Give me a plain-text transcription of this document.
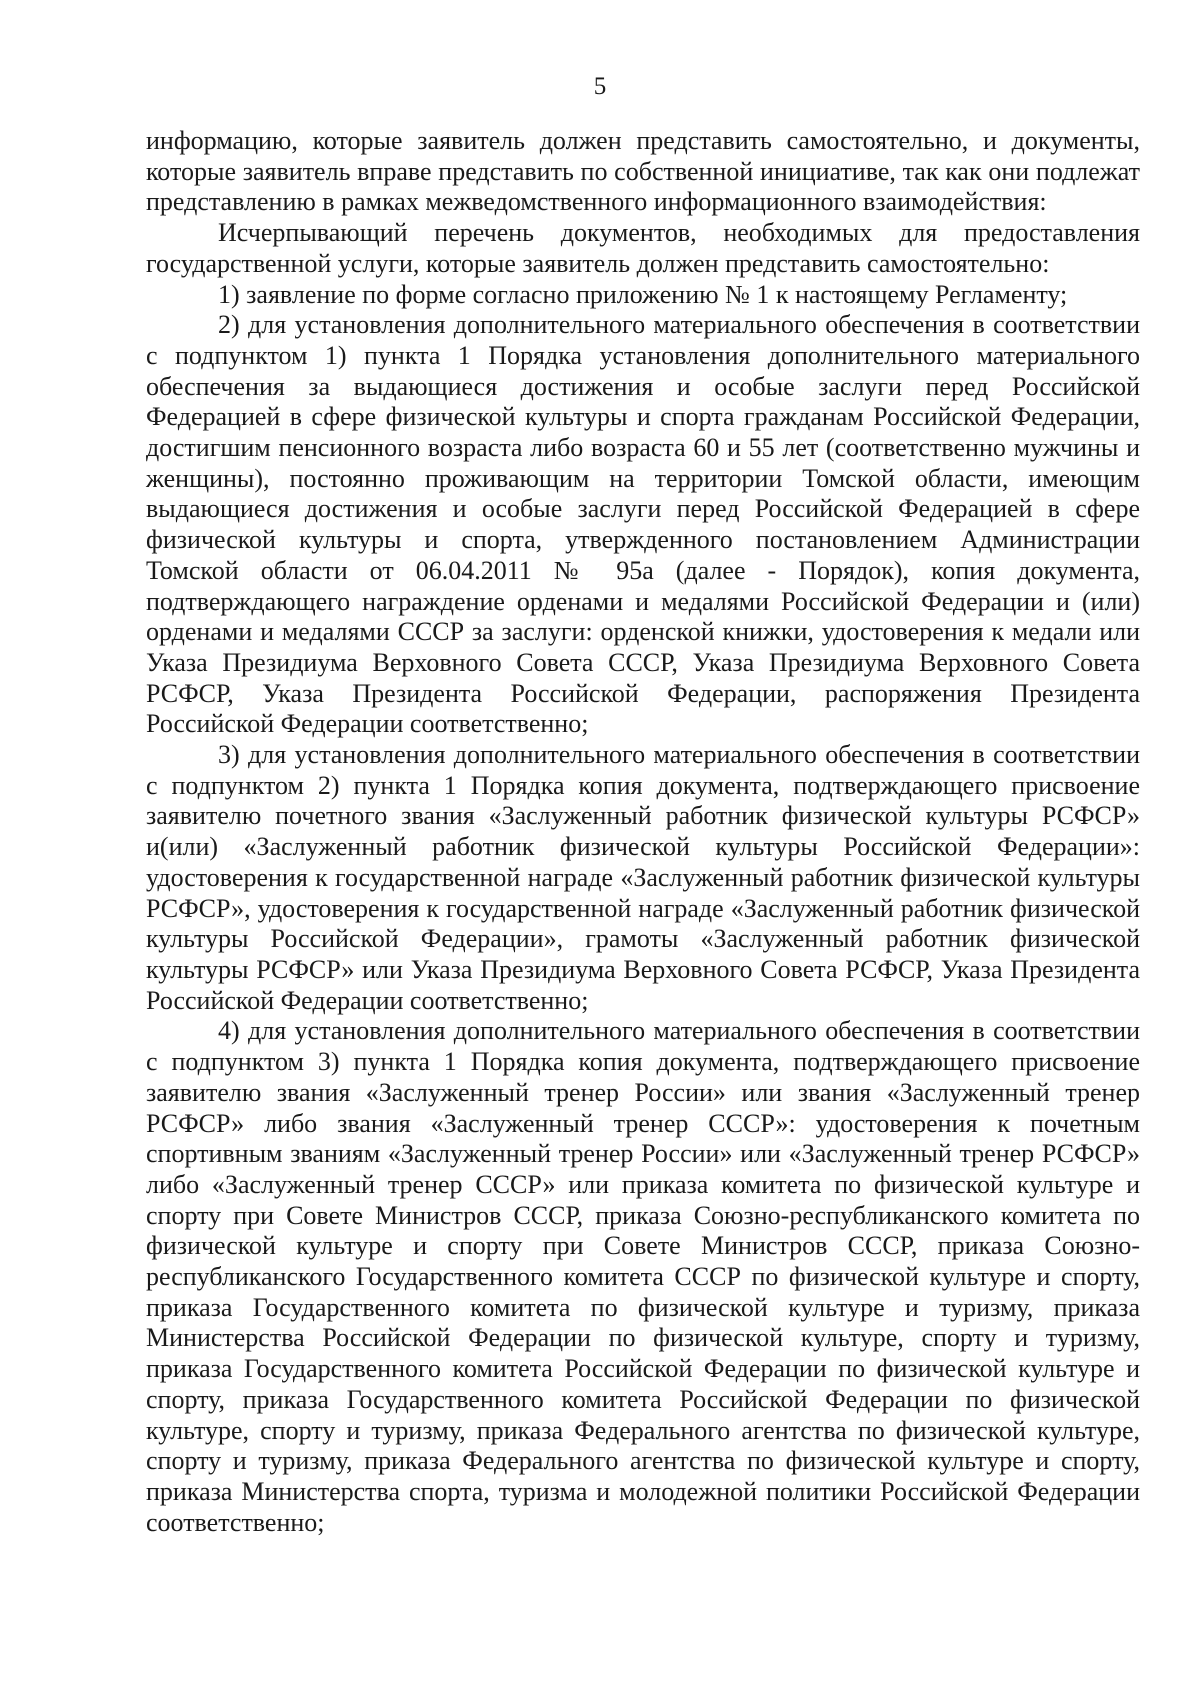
5

информацию, которые заявитель должен представить самостоятельно, и документы, которые заявитель вправе представить по собственной инициативе, так как они подлежат представлению в рамках межведомственного информационного взаимодействия:

Исчерпывающий перечень документов, необходимых для предоставления государственной услуги, которые заявитель должен представить самостоятельно:

1) заявление по форме согласно приложению № 1 к настоящему Регламенту;

2) для установления дополнительного материального обеспечения в соответствии с подпунктом 1) пункта 1 Порядка установления дополнительного материального обеспечения за выдающиеся достижения и особые заслуги перед Российской Федерацией в сфере физической культуры и спорта гражданам Российской Федерации, достигшим пенсионного возраста либо возраста 60 и 55 лет (соответственно мужчины и женщины), постоянно проживающим на территории Томской области, имеющим выдающиеся достижения и особые заслуги перед Российской Федерацией в сфере физической культуры и спорта, утвержденного постановлением Администрации Томской области от 06.04.2011 № 95а (далее - Порядок), копия документа, подтверждающего награждение орденами и медалями Российской Федерации и (или) орденами и медалями СССР за заслуги: орденской книжки, удостоверения к медали или Указа Президиума Верховного Совета СССР, Указа Президиума Верховного Совета РСФСР, Указа Президента Российской Федерации, распоряжения Президента Российской Федерации соответственно;

3) для установления дополнительного материального обеспечения в соответствии с подпунктом 2) пункта 1 Порядка копия документа, подтверждающего присвоение заявителю почетного звания «Заслуженный работник физической культуры РСФСР» и(или) «Заслуженный работник физической культуры Российской Федерации»: удостоверения к государственной награде «Заслуженный работник физической культуры РСФСР», удостоверения к государственной награде «Заслуженный работник физической культуры Российской Федерации», грамоты «Заслуженный работник физической культуры РСФСР» или Указа Президиума Верховного Совета РСФСР, Указа Президента Российской Федерации соответственно;

4) для установления дополнительного материального обеспечения в соответствии с подпунктом 3) пункта 1 Порядка копия документа, подтверждающего присвоение заявителю звания «Заслуженный тренер России» или звания «Заслуженный тренер РСФСР» либо звания «Заслуженный тренер СССР»: удостоверения к почетным спортивным званиям «Заслуженный тренер России» или «Заслуженный тренер РСФСР» либо «Заслуженный тренер СССР» или приказа комитета по физической культуре и спорту при Совете Министров СССР, приказа Союзно-республиканского комитета по физической культуре и спорту при Совете Министров СССР, приказа Союзно-республиканского Государственного комитета СССР по физической культуре и спорту, приказа Государственного комитета по физической культуре и туризму, приказа Министерства Российской Федерации по физической культуре, спорту и туризму, приказа Государственного комитета Российской Федерации по физической культуре и спорту, приказа Государственного комитета Российской Федерации по физической культуре, спорту и туризму, приказа Федерального агентства по физической культуре, спорту и туризму, приказа Федерального агентства по физической культуре и спорту, приказа Министерства спорта, туризма и молодежной политики Российской Федерации соответственно;
